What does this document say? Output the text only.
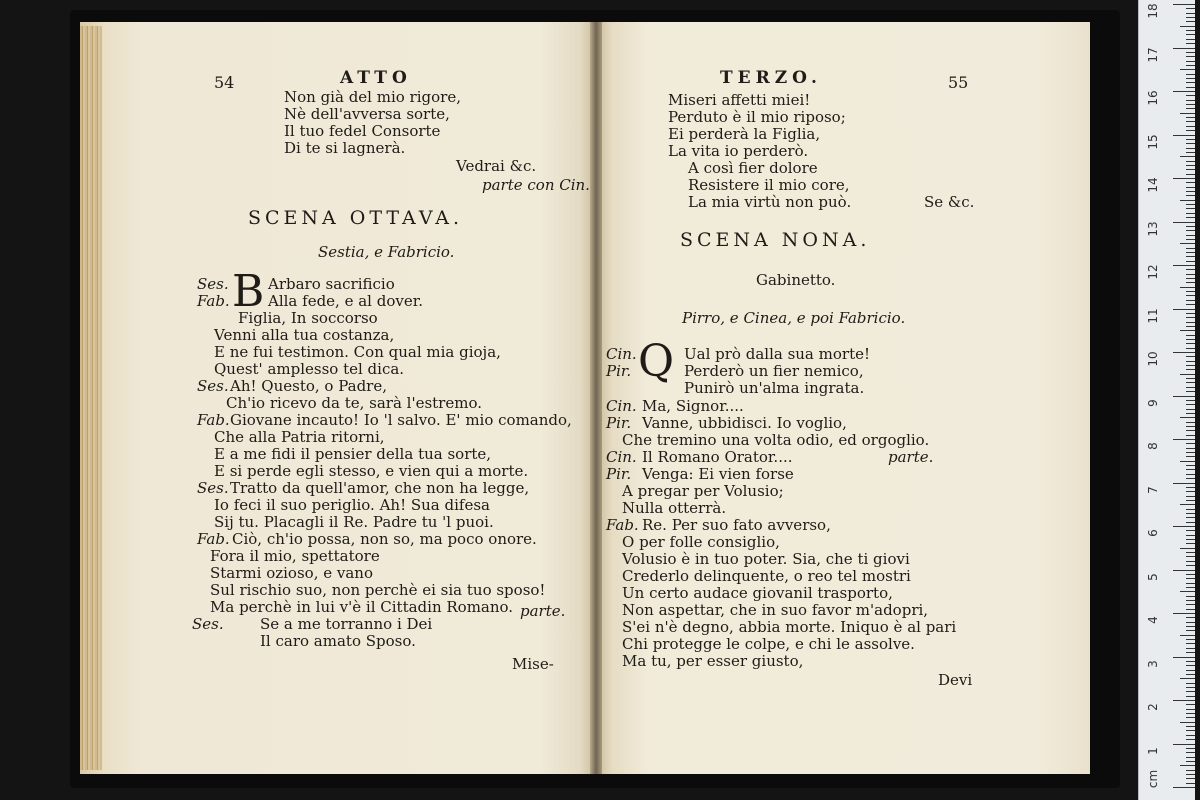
54	ATTO
Non già del mio rigore,
Nè dell'avversa sorte,
Il tuo fedel Consorte
Di te si lagnerà.
Vedrai &c.
parte con Cin.
SCENA OTTAVA.
Sestia, e Fabricio.
B
Ses.	Arbaro sacrificio
Fab.	Alla fede, e al dover.
Figlia, In soccorso
Venni alla tua costanza,
E ne fui testimon. Con qual mia gioja,
Quest' amplesso tel dica.
Ses. Ah! Questo, o Padre,
Ch'io ricevo da te, sarà l'estremo.
Fab. Giovane incauto! Io 'l salvo. E' mio comando,
Che alla Patria ritorni,
E a me fidi il pensier della tua sorte,
E si perde egli stesso, e vien qui a morte.
Ses. Tratto da quell'amor, che non ha legge,
Io feci il suo periglio. Ah! Sua difesa
Sij tu. Placagli il Re. Padre tu 'l puoi.
Fab. Ciò, ch'io possa, non so, ma poco onore.
Fora il mio, spettatore
Starmi ozioso, e vano
Sul rischio suo, non perchè ei sia tuo sposo!
Ma perchè in lui v'è il Cittadin Romano. parte.
Ses. Se a me torranno i Dei
Il caro amato Sposo.
Mise-
TERZO.	55
Miseri affetti miei!
Perduto è il mio riposo;
Ei perderà la Figlia,
La vita io perderò.
A così fier dolore
Resistere il mio core,
La mia virtù non può.	Se &c.
SCENA NONA.
Gabinetto.
Pirro, e Cinea, e poi Fabricio.
Q
Cin.	Ual prò dalla sua morte!
Pir.	Perderò un fier nemico,
Punirò un'alma ingrata.
Cin. Ma, Signor....
Pir. Vanne, ubbidisci. Io voglio,
Che tremino una volta odio, ed orgoglio.
Cin. Il Romano Orator....	parte.
Pir. Venga: Ei vien forse
A pregar per Volusio;
Nulla otterrà.
Fab. Re. Per suo fato avverso,
O per folle consiglio,
Volusio è in tuo poter. Sia, che ti giovi
Crederlo delinquente, o reo tel mostri
Un certo audace giovanil trasporto,
Non aspettar, che in suo favor m'adopri,
S'ei n'è degno, abbia morte. Iniquo è al pari
Chi protegge le colpe, e chi le assolve.
Ma tu, per esser giusto,
Devi
cm
18
17
16
15
14
13
12
11
10
9
8
7
6
5
4
3
2
1
